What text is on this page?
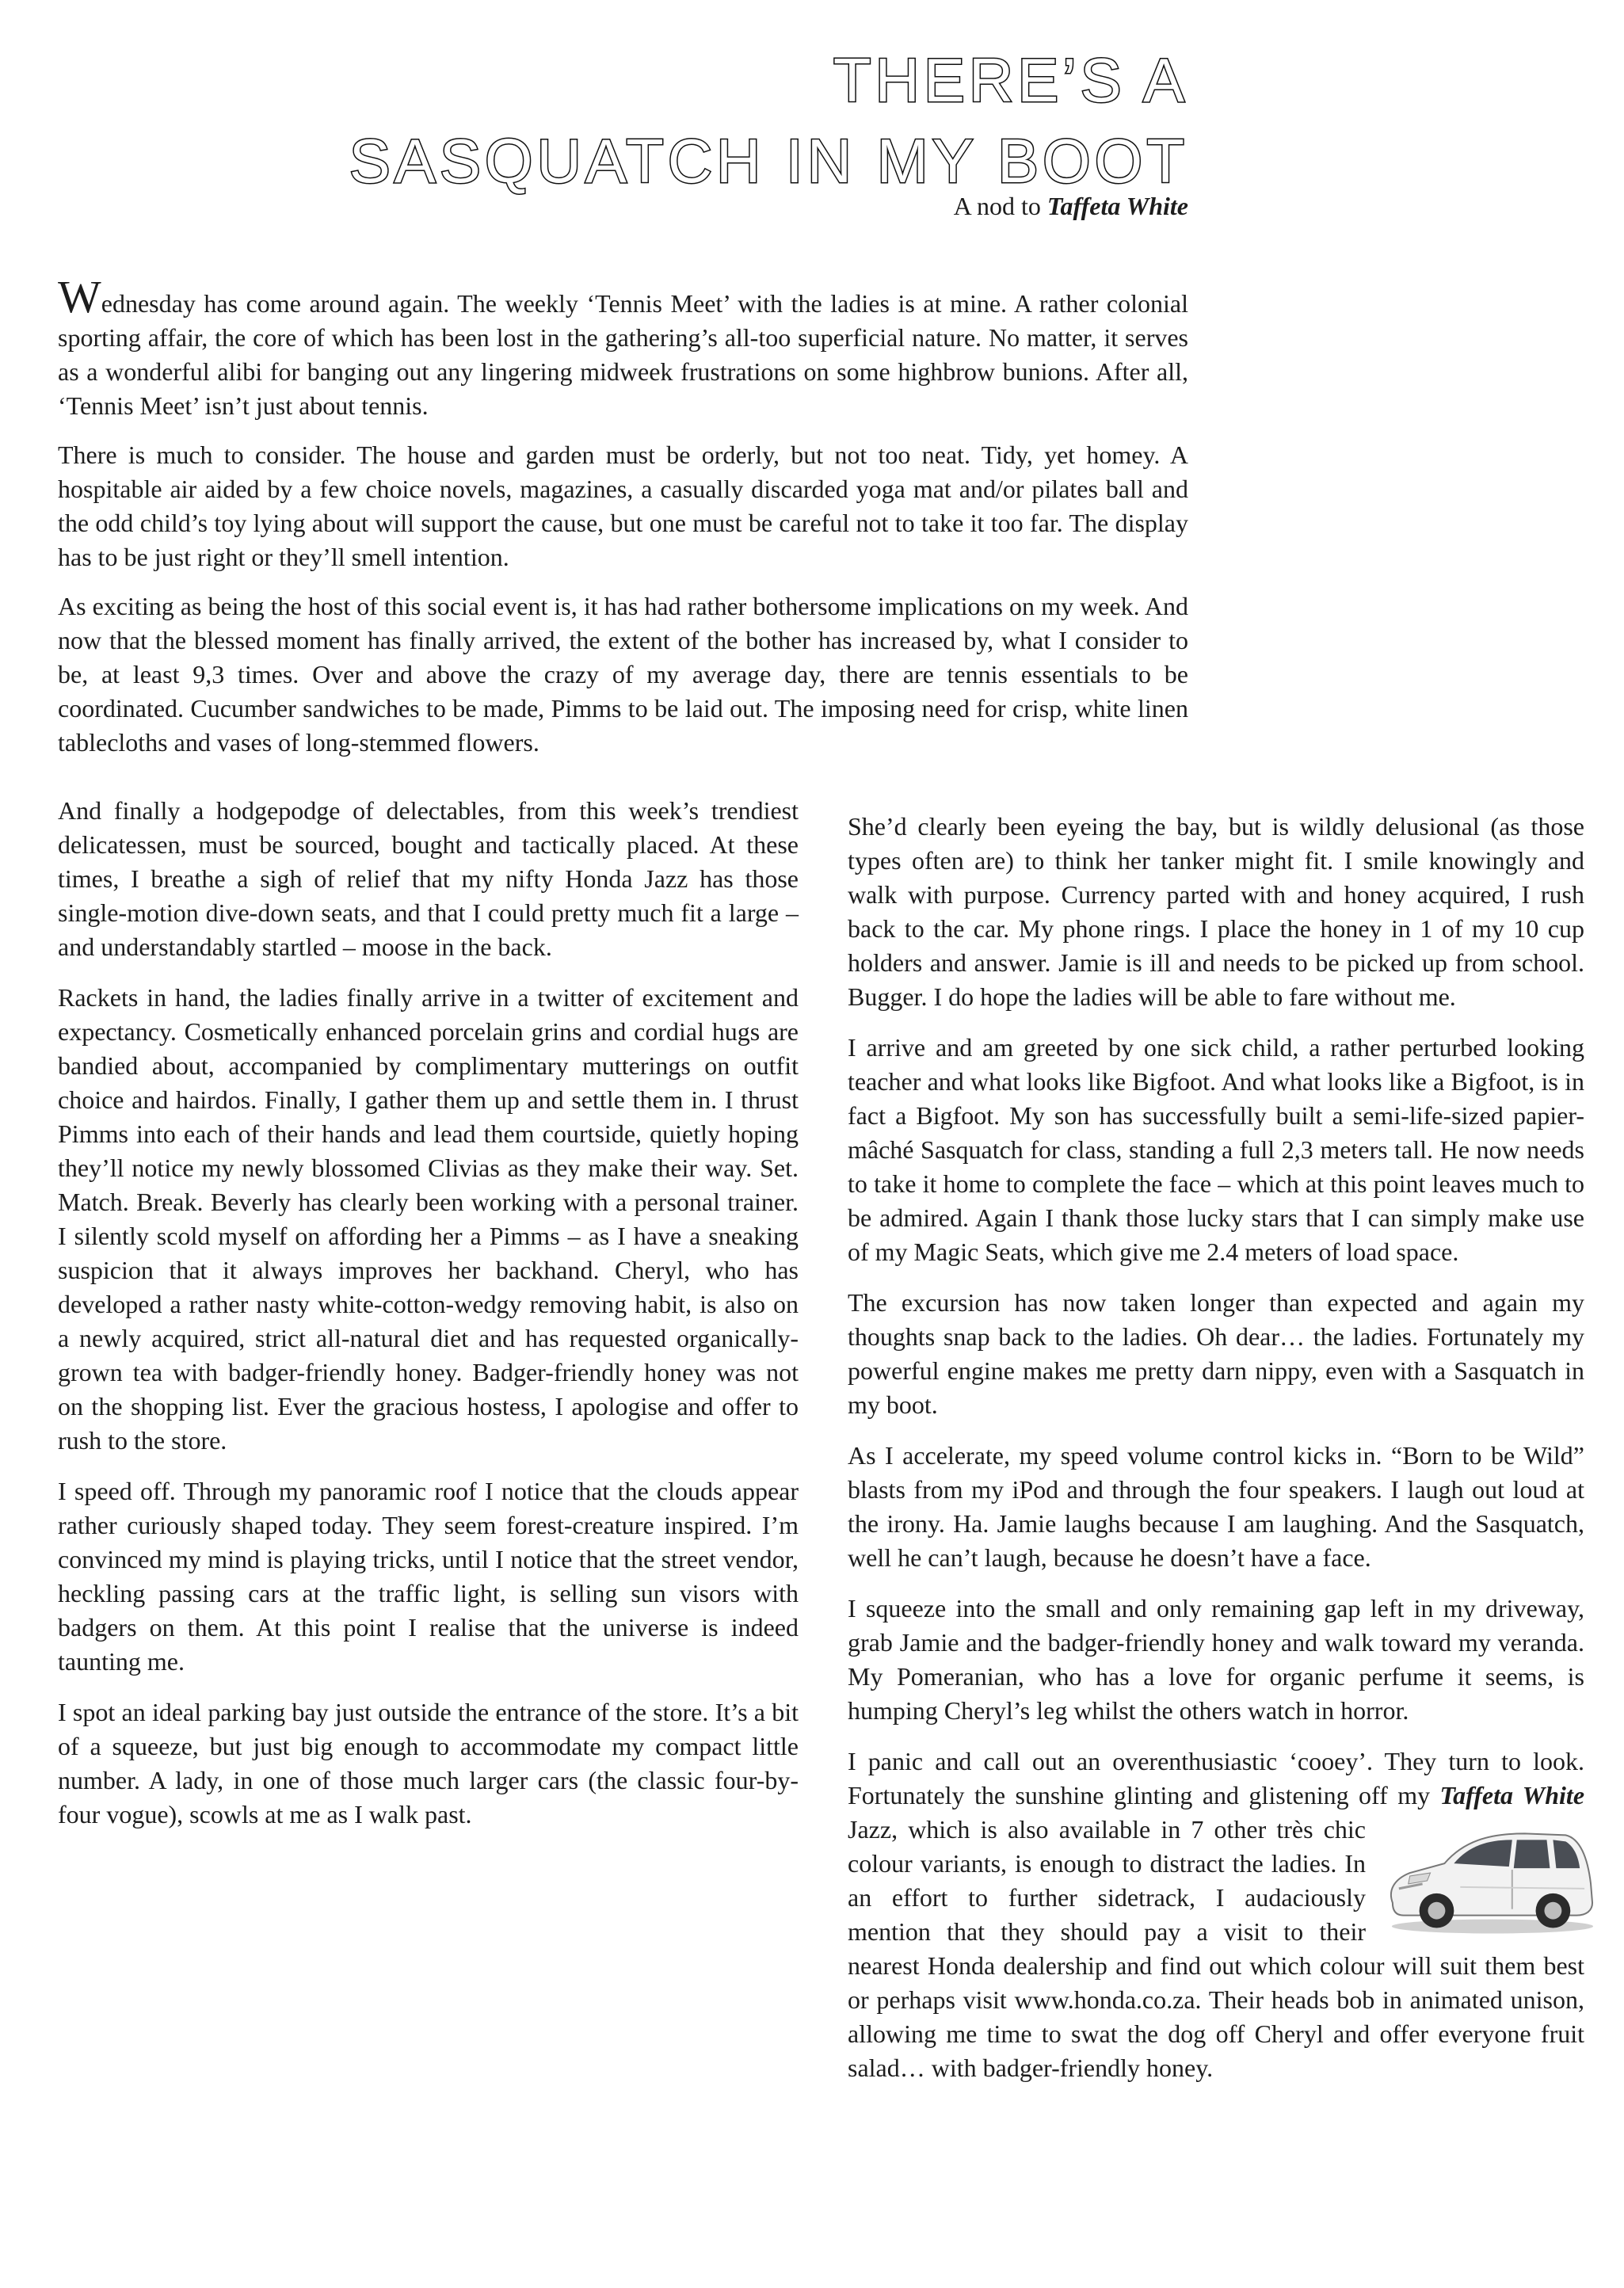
THERE’S A
SASQUATCH IN MY BOOT
A nod to Taffeta White

Wednesday has come around again. The weekly ‘Tennis Meet’ with the ladies is at mine. A rather colonial sporting affair, the core of which has been lost in the gathering’s all-too superficial nature. No matter, it serves as a wonderful alibi for banging out any lingering midweek frustrations on some highbrow bunions. After all, ‘Tennis Meet’ isn’t just about tennis.

There is much to consider. The house and garden must be orderly, but not too neat. Tidy, yet homey. A hospitable air aided by a few choice novels, magazines, a casually discarded yoga mat and/or pilates ball and the odd child’s toy lying about will support the cause, but one must be careful not to take it too far. The display has to be just right or they’ll smell intention.

As exciting as being the host of this social event is, it has had rather bothersome implications on my week. And now that the blessed moment has finally arrived, the extent of the bother has increased by, what I consider to be, at least 9,3 times. Over and above the crazy of my average day, there are tennis essentials to be coordinated. Cucumber sandwiches to be made, Pimms to be laid out. The imposing need for crisp, white linen tablecloths and vases of long-stemmed flowers.

And finally a hodgepodge of delectables, from this week’s trendiest delicatessen, must be sourced, bought and tactically placed. At these times, I breathe a sigh of relief that my nifty Honda Jazz has those single-motion dive-down seats, and that I could pretty much fit a large – and understandably startled – moose in the back.

Rackets in hand, the ladies finally arrive in a twitter of excitement and expectancy. Cosmetically enhanced porcelain grins and cordial hugs are bandied about, accompanied by complimentary mutterings on outfit choice and hairdos. Finally, I gather them up and settle them in. I thrust Pimms into each of their hands and lead them courtside, quietly hoping they’ll notice my newly blossomed Clivias as they make their way. Set. Match. Break. Beverly has clearly been working with a personal trainer. I silently scold myself on affording her a Pimms – as I have a sneaking suspicion that it always improves her backhand. Cheryl, who has developed a rather nasty white-cotton-wedgy removing habit, is also on a newly acquired, strict all-natural diet and has requested organically-grown tea with badger-friendly honey. Badger-friendly honey was not on the shopping list. Ever the gracious hostess, I apologise and offer to rush to the store.

I speed off. Through my panoramic roof I notice that the clouds appear rather curiously shaped today. They seem forest-creature inspired. I’m convinced my mind is playing tricks, until I notice that the street vendor, heckling passing cars at the traffic light, is selling sun visors with badgers on them. At this point I realise that the universe is indeed taunting me.

I spot an ideal parking bay just outside the entrance of the store. It’s a bit of a squeeze, but just big enough to accommodate my compact little number. A lady, in one of those much larger cars (the classic four-by-four vogue), scowls at me as I walk past.

She’d clearly been eyeing the bay, but is wildly delusional (as those types often are) to think her tanker might fit. I smile knowingly and walk with purpose. Currency parted with and honey acquired, I rush back to the car. My phone rings. I place the honey in 1 of my 10 cup holders and answer. Jamie is ill and needs to be picked up from school. Bugger. I do hope the ladies will be able to fare without me.

I arrive and am greeted by one sick child, a rather perturbed looking teacher and what looks like Bigfoot. And what looks like a Bigfoot, is in fact a Bigfoot. My son has successfully built a semi-life-sized papier-mâché Sasquatch for class, standing a full 2,3 meters tall. He now needs to take it home to complete the face – which at this point leaves much to be admired. Again I thank those lucky stars that I can simply make use of my Magic Seats, which give me 2.4 meters of load space.

The excursion has now taken longer than expected and again my thoughts snap back to the ladies. Oh dear… the ladies. Fortunately my powerful engine makes me pretty darn nippy, even with a Sasquatch in my boot.

As I accelerate, my speed volume control kicks in. “Born to be Wild” blasts from my iPod and through the four speakers. I laugh out loud at the irony. Ha. Jamie laughs because I am laughing. And the Sasquatch, well he can’t laugh, because he doesn’t have a face.

I squeeze into the small and only remaining gap left in my driveway, grab Jamie and the badger-friendly honey and walk toward my veranda. My Pomeranian, who has a love for organic perfume it seems, is humping Cheryl’s leg whilst the others watch in horror.

I panic and call out an overenthusiastic ‘cooey’. They turn to look. Fortunately the sunshine glinting and glistening off my Taffeta White
Jazz, which is also available in 7 other très chic colour variants, is enough to distract the ladies. In an effort to further sidetrack, I audaciously mention that they should pay a visit to their nearest Honda dealership and find out which colour will suit them best or perhaps visit www.honda.co.za. Their heads bob in animated unison, allowing me time to swat the dog off Cheryl and offer everyone fruit salad… with badger-friendly honey.
